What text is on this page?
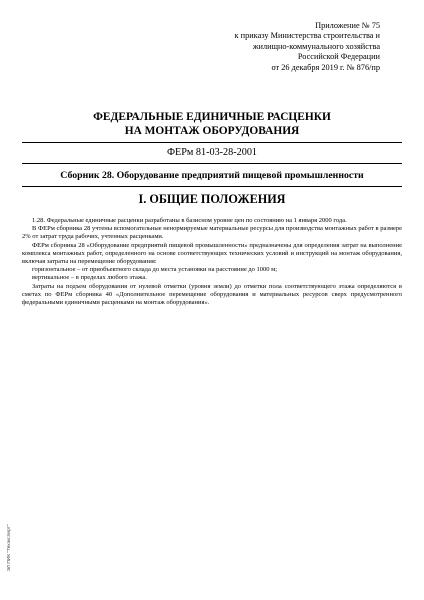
Приложение № 75
к приказу Министерства строительства и
жилищно-коммунального хозяйства
Российской Федерации
от 26 декабря 2019 г. № 876/пр
ФЕДЕРАЛЬНЫЕ ЕДИНИЧНЫЕ РАСЦЕНКИ
НА МОНТАЖ ОБОРУДОВАНИЯ
ФЕРм 81-03-28-2001
Сборник 28. Оборудование предприятий пищевой промышленности
I. ОБЩИЕ ПОЛОЖЕНИЯ

1.28. Федеральные единичные расценки разработаны в базисном уровне цен по состоянию на 1 января 2000 года.

В ФЕРм сборника 28 учтены вспомогательные ненормируемые материальные ресурсы для производства монтажных работ в размере 2% от затрат труда рабочих, учтенных расценками.

ФЕРм сборника 28 «Оборудование предприятий пищевой промышленности» предназначены для определения затрат на выполнение комплекса монтажных работ, определенного на основе соответствующих технических условий и инструкций на монтаж оборудования, включая затраты на перемещение оборудования:

горизонтальное – от приобъектного склада до места установки на расстояние до 1000 м;

вертикальное – в пределах любого этажа.

Затраты на подъем оборудования от нулевой отметки (уровня земли) до отметки пола соответствующего этажа определяются в сметах по ФЕРм сборника 40 «Дополнительное перемещение оборудования и материальных ресурсов сверх предусмотренного федеральными единичными расценками на монтаж оборудования».

ЭЛ ПИК "Техэксперт"
